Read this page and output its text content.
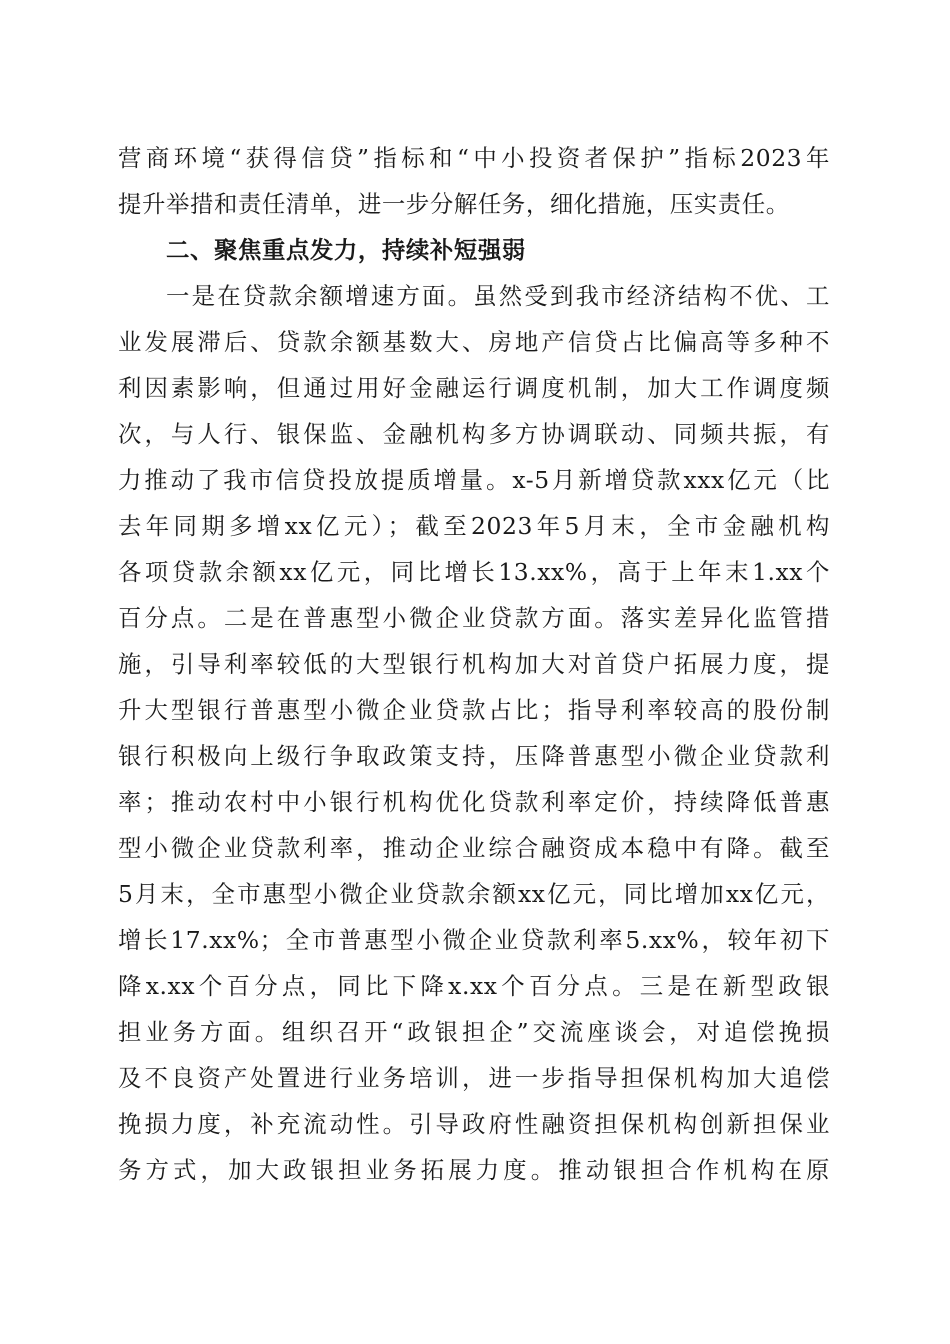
营商环境“获得信贷”指标和“中小投资者保护”指标2023年
提升举措和责任清单，进一步分解任务，细化措施，压实责任。
二、聚焦重点发力，持续补短强弱
一是在贷款余额增速方面。虽然受到我市经济结构不优、工
业发展滞后、贷款余额基数大、房地产信贷占比偏高等多种不
利因素影响，但通过用好金融运行调度机制，加大工作调度频
次，与人行、银保监、金融机构多方协调联动、同频共振，有
力推动了我市信贷投放提质增量。x-5月新增贷款xxx亿元（比
去年同期多增xx亿元）；截至2023年5月末，全市金融机构
各项贷款余额xx亿元，同比增长13.xx%，高于上年末1.xx个
百分点。二是在普惠型小微企业贷款方面。落实差异化监管措
施，引导利率较低的大型银行机构加大对首贷户拓展力度，提
升大型银行普惠型小微企业贷款占比；指导利率较高的股份制
银行积极向上级行争取政策支持，压降普惠型小微企业贷款利
率；推动农村中小银行机构优化贷款利率定价，持续降低普惠
型小微企业贷款利率，推动企业综合融资成本稳中有降。截至
5月末，全市惠型小微企业贷款余额xx亿元，同比增加xx亿元，
增长17.xx%；全市普惠型小微企业贷款利率5.xx%，较年初下
降x.xx个百分点，同比下降x.xx个百分点。三是在新型政银
担业务方面。组织召开“政银担企”交流座谈会，对追偿挽损
及不良资产处置进行业务培训，进一步指导担保机构加大追偿
挽损力度，补充流动性。引导政府性融资担保机构创新担保业
务方式，加大政银担业务拓展力度。推动银担合作机构在原
